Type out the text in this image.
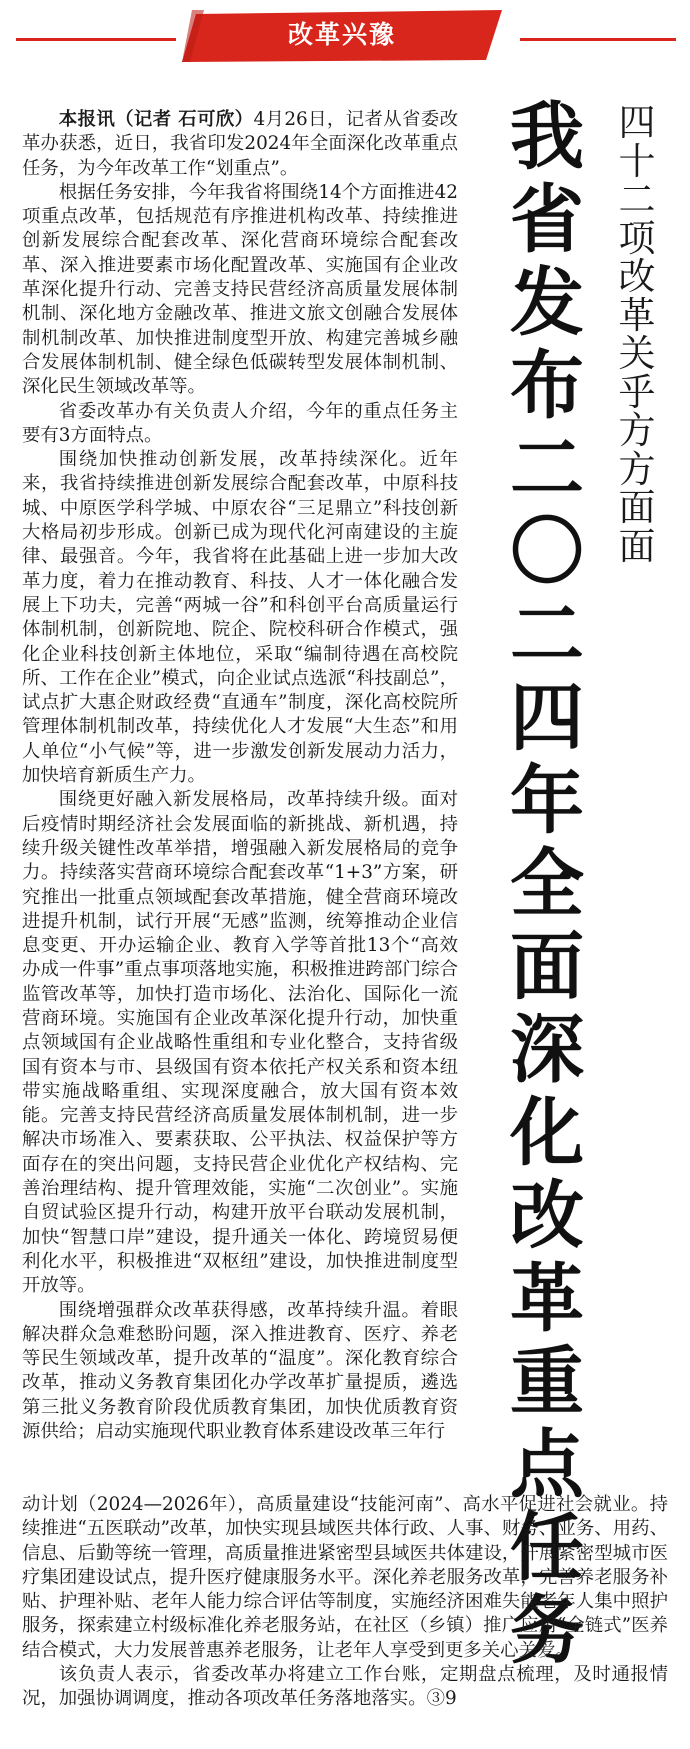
改革兴豫
四
十
二
项
改
革
关
乎
方
方
面
面
我
省
发
布
二
〇
二
四
年
全
面
深
化
改
革
重
点
任
务

本报讯（记者 石可欣）4月26日，记者从省委改革办获悉，近日，我省印发2024年全面深化改革重点任务，为今年改革工作“划重点”。

根据任务安排，今年我省将围绕14个方面推进42项重点改革，包括规范有序推进机构改革、持续推进创新发展综合配套改革、深化营商环境综合配套改革、深入推进要素市场化配置改革、实施国有企业改革深化提升行动、完善支持民营经济高质量发展体制机制、深化地方金融改革、推进文旅文创融合发展体制机制改革、加快推进制度型开放、构建完善城乡融合发展体制机制、健全绿色低碳转型发展体制机制、深化民生领域改革等。

省委改革办有关负责人介绍，今年的重点任务主要有3方面特点。

围绕加快推动创新发展，改革持续深化。近年来，我省持续推进创新发展综合配套改革，中原科技城、中原医学科学城、中原农谷“三足鼎立”科技创新大格局初步形成。创新已成为现代化河南建设的主旋律、最强音。今年，我省将在此基础上进一步加大改革力度，着力在推动教育、科技、人才一体化融合发展上下功夫，完善“两城一谷”和科创平台高质量运行体制机制，创新院地、院企、院校科研合作模式，强化企业科技创新主体地位，采取“编制待遇在高校院所、工作在企业”模式，向企业试点选派“科技副总”，试点扩大惠企财政经费“直通车”制度，深化高校院所管理体制机制改革，持续优化人才发展“大生态”和用人单位“小气候”等，进一步激发创新发展动力活力，加快培育新质生产力。

围绕更好融入新发展格局，改革持续升级。面对后疫情时期经济社会发展面临的新挑战、新机遇，持续升级关键性改革举措，增强融入新发展格局的竞争力。持续落实营商环境综合配套改革“1+3”方案，研究推出一批重点领域配套改革措施，健全营商环境改进提升机制，试行开展“无感”监测，统筹推动企业信息变更、开办运输企业、教育入学等首批13个“高效办成一件事”重点事项落地实施，积极推进跨部门综合监管改革等，加快打造市场化、法治化、国际化一流营商环境。实施国有企业改革深化提升行动，加快重点领域国有企业战略性重组和专业化整合，支持省级国有资本与市、县级国有资本依托产权关系和资本纽带实施战略重组、实现深度融合，放大国有资本效能。完善支持民营经济高质量发展体制机制，进一步解决市场准入、要素获取、公平执法、权益保护等方面存在的突出问题，支持民营企业优化产权结构、完善治理结构、提升管理效能，实施“二次创业”。实施自贸试验区提升行动，构建开放平台联动发展机制，加快“智慧口岸”建设，提升通关一体化、跨境贸易便利化水平，积极推进“双枢纽”建设，加快推进制度型开放等。

围绕增强群众改革获得感，改革持续升温。着眼解决群众急难愁盼问题，深入推进教育、医疗、养老等民生领域改革，提升改革的“温度”。深化教育综合改革，推动义务教育集团化办学改革扩量提质，遴选第三批义务教育阶段优质教育集团，加快优质教育资源供给；启动实施现代职业教育体系建设改革三年行

动计划（2024—2026年），高质量建设“技能河南”、高水平促进社会就业。持续推进“五医联动”改革，加快实现县域医共体行政、人事、财务、业务、用药、信息、后勤等统一管理，高质量推进紧密型县域医共体建设，开展紧密型城市医疗集团建设试点，提升医疗健康服务水平。深化养老服务改革，完善养老服务补贴、护理补贴、老年人能力综合评估等制度，实施经济困难失能老年人集中照护服务，探索建立村级标准化养老服务站，在社区（乡镇）推广应用“全链式”医养结合模式，大力发展普惠养老服务，让老年人享受到更多关心关爱。

该负责人表示，省委改革办将建立工作台账，定期盘点梳理，及时通报情况，加强协调调度，推动各项改革任务落地落实。③9
